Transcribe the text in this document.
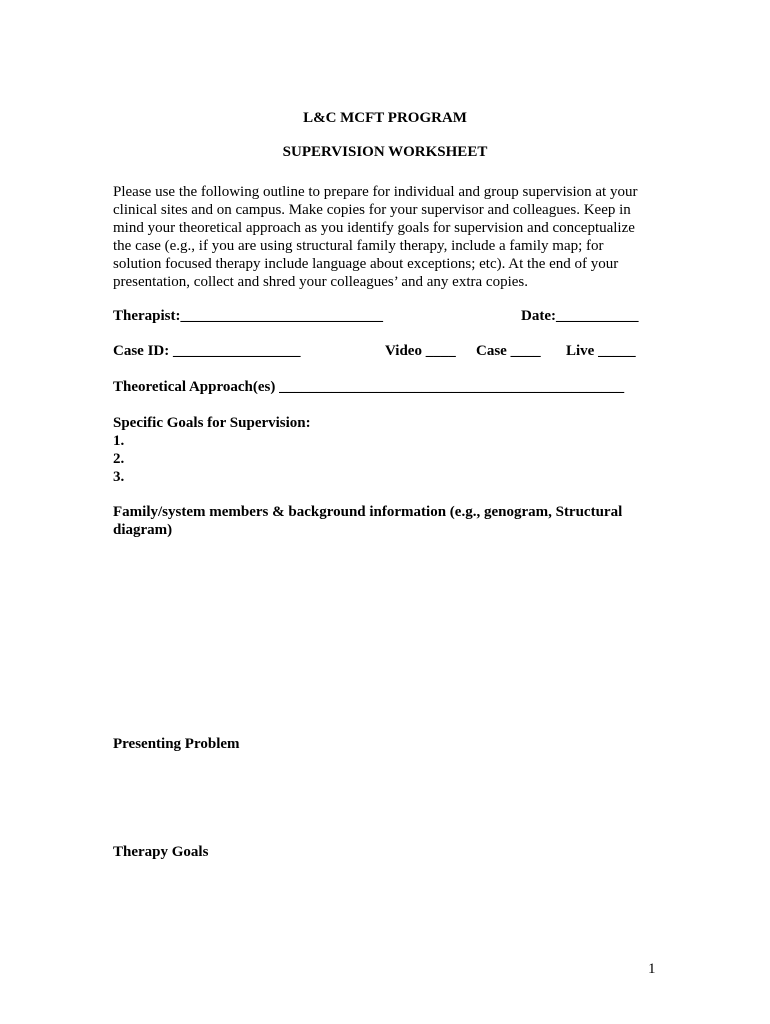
L&C MCFT PROGRAM
SUPERVISION WORKSHEET
Please use the following outline to prepare for individual and group supervision at your
clinical sites and on campus. Make copies for your supervisor and colleagues. Keep in
mind your theoretical approach as you identify goals for supervision and conceptualize
the case (e.g., if you are using structural family therapy, include a family map; for
solution focused therapy include language about exceptions; etc). At the end of your
presentation, collect and shred your colleagues’ and any extra copies.
Therapist:___________________________	Date:___________
Case ID: _________________	Video ____ Case ____ Live _____
Theoretical Approach(es) ______________________________________________
Specific Goals for Supervision:
1.
2.
3.
Family/system members & background information (e.g., genogram, Structural
diagram)
Presenting Problem
Therapy Goals
1
